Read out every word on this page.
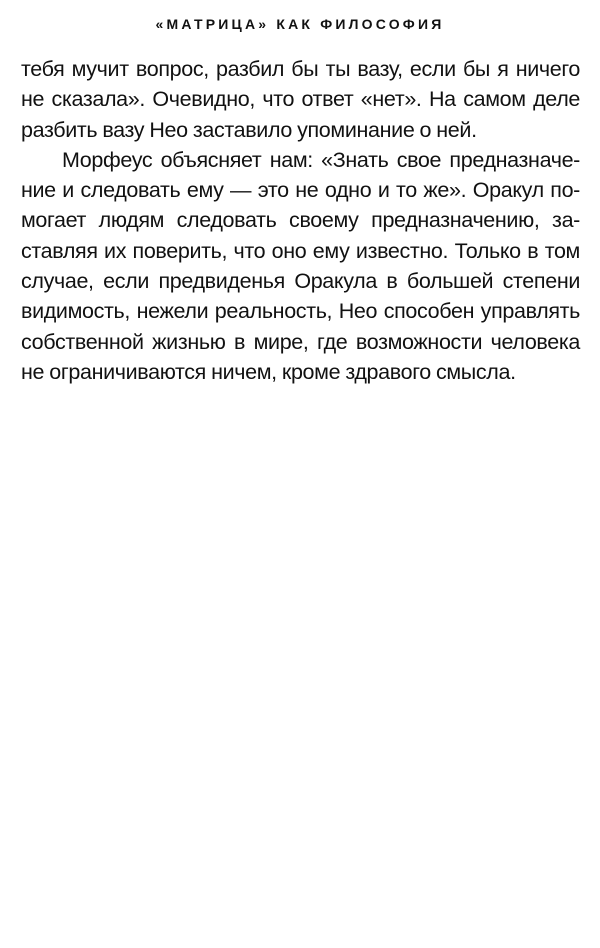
«МАТРИЦА» КАК ФИЛОСОФИЯ

тебя мучит вопрос, разбил бы ты вазу, если бы я ничего
не сказала». Очевидно, что ответ «нет». На самом деле
разбить вазу Нео заставило упоминание о ней.

Морфеус объясняет нам: «Знать свое предназначе-
ние и следовать ему — это не одно и то же». Оракул по-
могает людям следовать своему предназначению, за-
ставляя их поверить, что оно ему известно. Только в том
случае, если предвиденья Оракула в большей степени
видимость, нежели реальность, Нео способен управлять
собственной жизнью в мире, где возможности человека
не ограничиваются ничем, кроме здравого смысла.
